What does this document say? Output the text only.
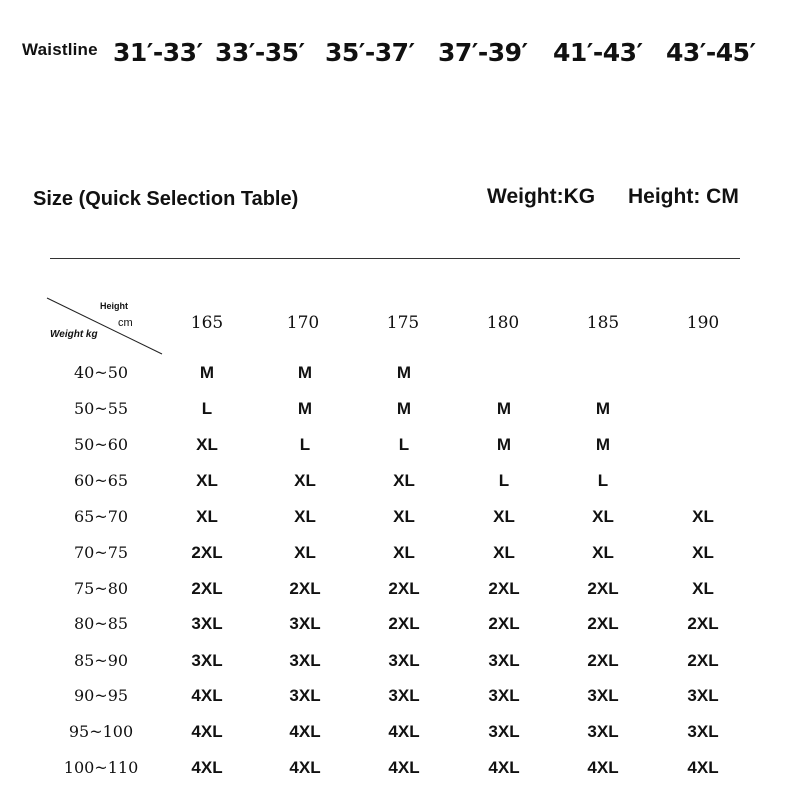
Waistline 31′-33′ 33′-35′ 35′-37′ 37′-39′ 41′-43′ 43′-45′
Size (Quick Selection Table)	Weight:KG Height: CM
Height
cm
Weight kg
165	170	175	180	185	190
40~50	M	M	M
50~55	L	M	M	M	M
50~60	XL	L	L	M	M
60~65	XL	XL	XL	L	L
65~70	XL	XL	XL	XL	XL	XL
70~75	2XL	XL	XL	XL	XL	XL
75~80	2XL	2XL	2XL	2XL	2XL	XL
80~85	3XL	3XL	2XL	2XL	2XL	2XL
85~90	3XL	3XL	3XL	3XL	2XL	2XL
90~95	4XL	3XL	3XL	3XL	3XL	3XL
95~100	4XL	4XL	4XL	3XL	3XL	3XL
100~110	4XL	4XL	4XL	4XL	4XL	4XL
